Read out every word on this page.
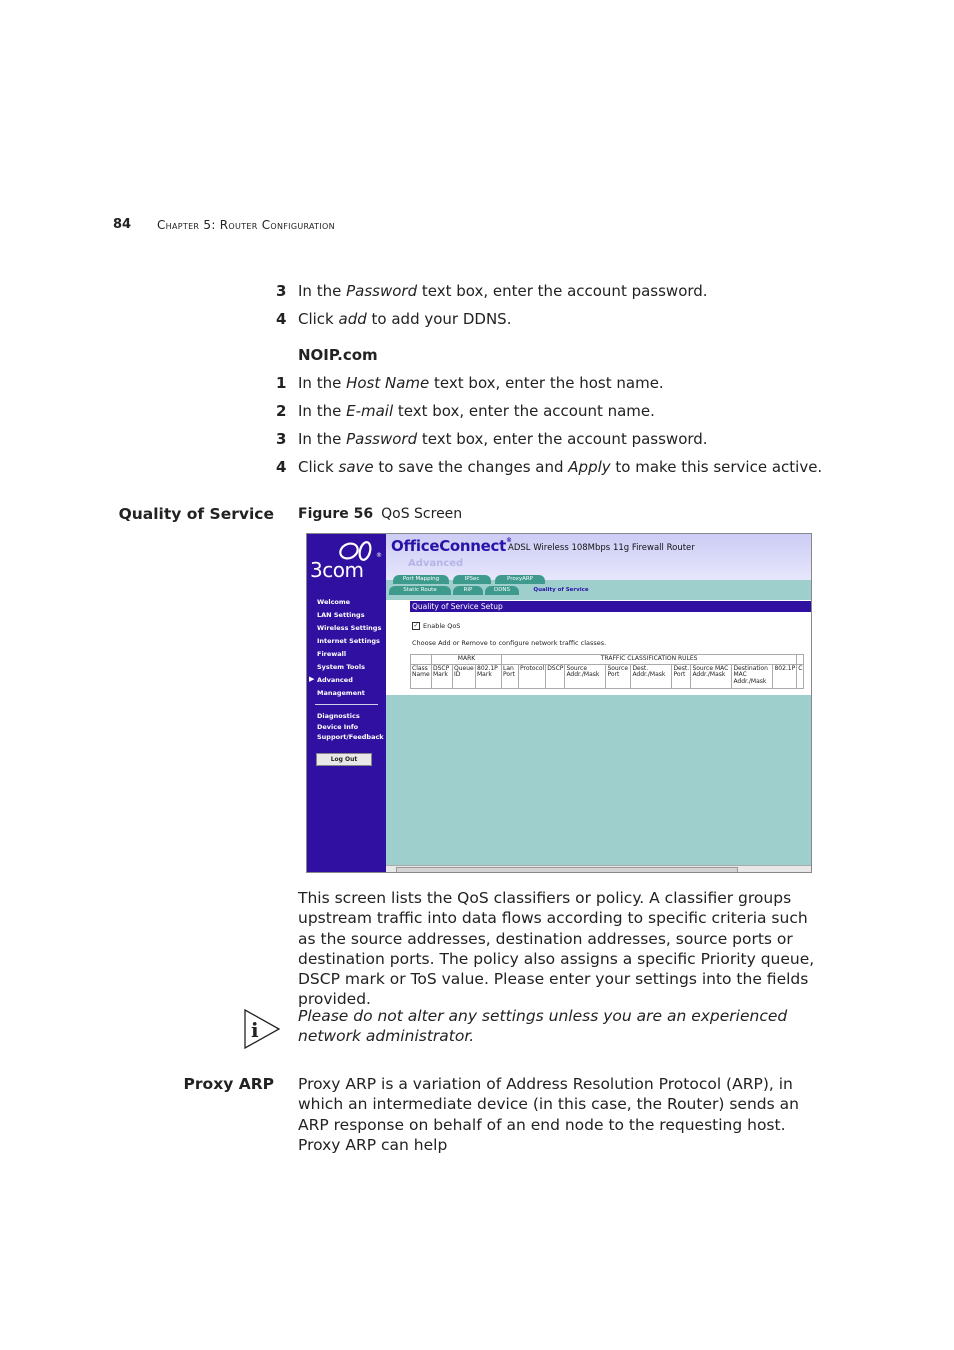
84 Chapter 5: Router Configuration
3 In the Password text box, enter the account password.
4 Click add to add your DDNS.
NOIP.com
1 In the Host Name text box, enter the host name.
2 In the E-mail text box, enter the account name.
3 In the Password text box, enter the account password.
4 Click save to save the changes and Apply to make this service active.
Quality of Service Figure 56 QoS Screen
®
3com
Welcome
LAN Settings
Wireless Settings
Internet Settings
Firewall
System Tools
▶ Advanced
Management
Diagnostics
Device Info
Support/Feedback
Log Out
OfficeConnect®
ADSL Wireless 108Mbps 11g Firewall Router
Advanced
Port Mapping	IPSec	ProxyARP
Static Route	RIP	DDNS	Quality of Service
Quality of Service Setup
✓ Enable QoS
Choose Add or Remove to configure network traffic classes.
	MARK			TRAFFIC CLASSIFICATION RULES										
Class Name	DSCP Mark	Queue ID	802.1P Mark	Lan Port	Protocol	DSCP	Source Addr./Mask	Source Port	Dest. Addr./Mask	Dest. Port	Source MAC Addr./Mask	Destination MAC Addr./Mask	802.1P	C
This screen lists the QoS classifiers or policy. A classifier groups upstream traffic into data flows according to specific criteria such as the source addresses, destination addresses, source ports or destination ports. The policy also assigns a specific Priority queue, DSCP mark or ToS value. Please enter your settings into the fields provided.
i
Please do not alter any settings unless you are an experienced network administrator.
Proxy ARP Proxy ARP is a variation of Address Resolution Protocol (ARP), in which an intermediate device (in this case, the Router) sends an ARP response on behalf of an end node to the requesting host. Proxy ARP can help
